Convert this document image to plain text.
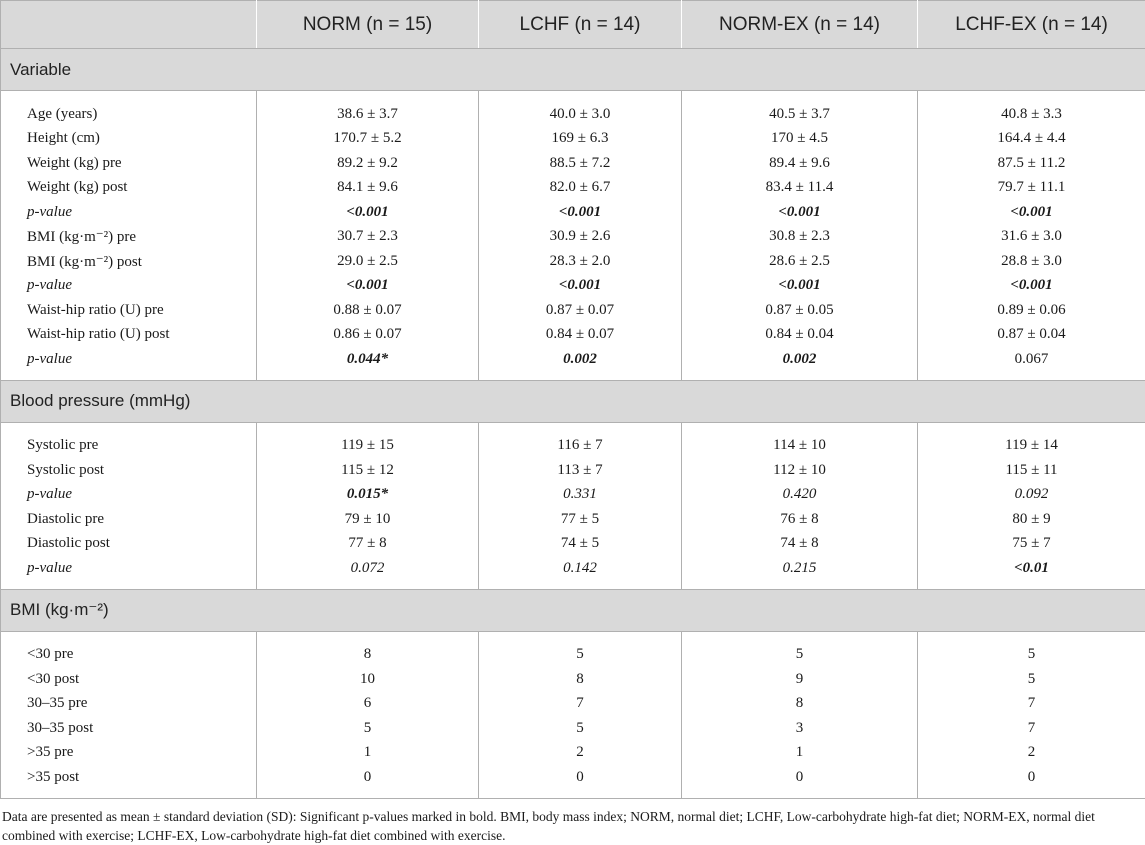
	NORM (n = 15)	LCHF (n = 14)	NORM-EX (n = 14)	LCHF-EX (n = 14)
Variable				
Age (years)	38.6 ± 3.7	40.0 ± 3.0	40.5 ± 3.7	40.8 ± 3.3
Height (cm)	170.7 ± 5.2	169 ± 6.3	170 ± 4.5	164.4 ± 4.4
Weight (kg) pre	89.2 ± 9.2	88.5 ± 7.2	89.4 ± 9.6	87.5 ± 11.2
Weight (kg) post	84.1 ± 9.6	82.0 ± 6.7	83.4 ± 11.4	79.7 ± 11.1
p-value	<0.001	<0.001	<0.001	<0.001
BMI (kg·m⁻²) pre	30.7 ± 2.3	30.9 ± 2.6	30.8 ± 2.3	31.6 ± 3.0
BMI (kg·m⁻²) post	29.0 ± 2.5	28.3 ± 2.0	28.6 ± 2.5	28.8 ± 3.0
p-value	<0.001	<0.001	<0.001	<0.001
Waist-hip ratio (U) pre	0.88 ± 0.07	0.87 ± 0.07	0.87 ± 0.05	0.89 ± 0.06
Waist-hip ratio (U) post	0.86 ± 0.07	0.84 ± 0.07	0.84 ± 0.04	0.87 ± 0.04
p-value	0.044*	0.002	0.002	0.067
Blood pressure (mmHg)				
Systolic pre	119 ± 15	116 ± 7	114 ± 10	119 ± 14
Systolic post	115 ± 12	113 ± 7	112 ± 10	115 ± 11
p-value	0.015*	0.331	0.420	0.092
Diastolic pre	79 ± 10	77 ± 5	76 ± 8	80 ± 9
Diastolic post	77 ± 8	74 ± 5	74 ± 8	75 ± 7
p-value	0.072	0.142	0.215	<0.01
BMI (kg·m⁻²)				
<30 pre	8	5	5	5
<30 post	10	8	9	5
30–35 pre	6	7	8	7
30–35 post	5	5	3	7
>35 pre	1	2	1	2
>35 post	0	0	0	0
Data are presented as mean ± standard deviation (SD): Significant p-values marked in bold. BMI, body mass index; NORM, normal diet; LCHF, Low-carbohydrate high-fat diet; NORM-EX, normal diet combined with exercise; LCHF-EX, Low-carbohydrate high-fat diet combined with exercise.
